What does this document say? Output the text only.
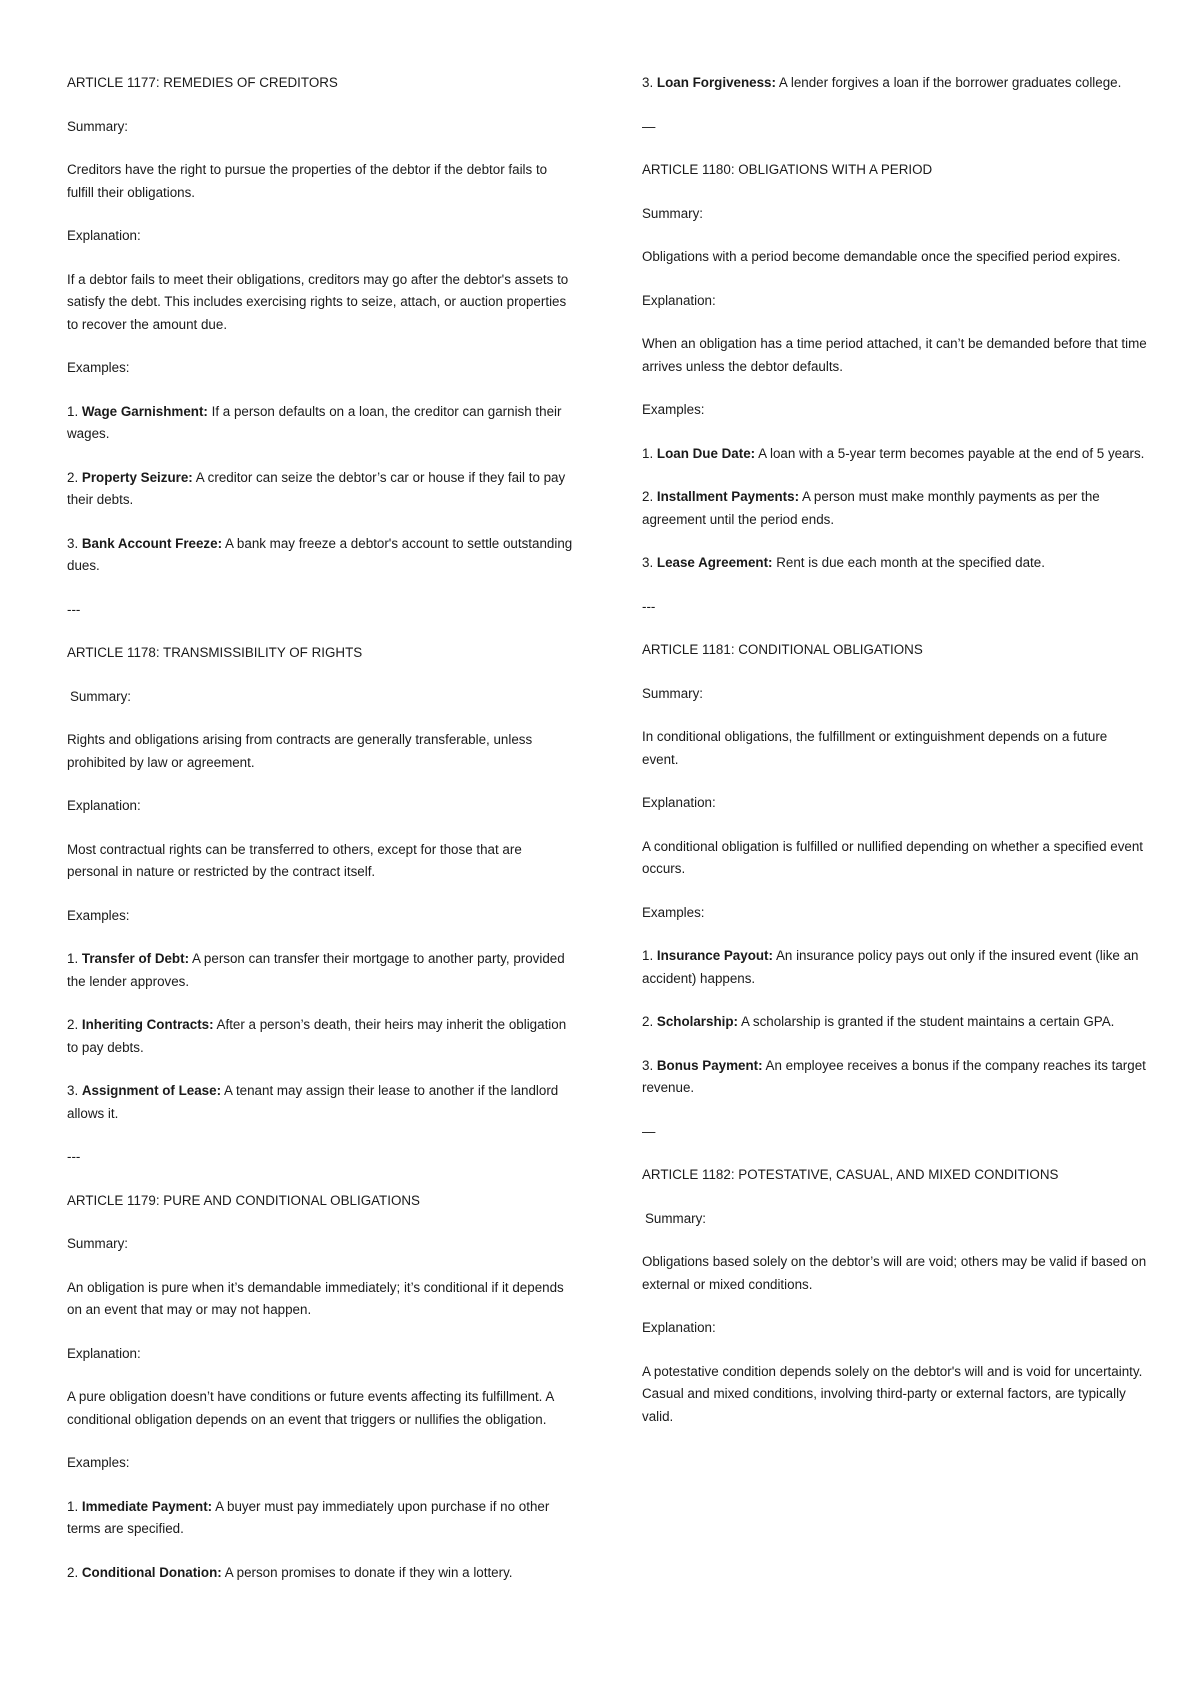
ARTICLE 1177: REMEDIES OF CREDITORS

Summary:

Creditors have the right to pursue the properties of the debtor if the debtor fails to fulfill their obligations.

Explanation:

If a debtor fails to meet their obligations, creditors may go after the debtor's assets to satisfy the debt. This includes exercising rights to seize, attach, or auction properties to recover the amount due.

Examples:

1. Wage Garnishment: If a person defaults on a loan, the creditor can garnish their wages.

2. Property Seizure: A creditor can seize the debtor’s car or house if they fail to pay their debts.

3. Bank Account Freeze: A bank may freeze a debtor's account to settle outstanding dues.

---

ARTICLE 1178: TRANSMISSIBILITY OF RIGHTS

Summary:

Rights and obligations arising from contracts are generally transferable, unless prohibited by law or agreement.

Explanation:

Most contractual rights can be transferred to others, except for those that are personal in nature or restricted by the contract itself.

Examples:

1. Transfer of Debt: A person can transfer their mortgage to another party, provided the lender approves.

2. Inheriting Contracts: After a person’s death, their heirs may inherit the obligation to pay debts.

3. Assignment of Lease: A tenant may assign their lease to another if the landlord allows it.

---

ARTICLE 1179: PURE AND CONDITIONAL OBLIGATIONS

Summary:

An obligation is pure when it’s demandable immediately; it’s conditional if it depends on an event that may or may not happen.

Explanation:

A pure obligation doesn’t have conditions or future events affecting its fulfillment. A conditional obligation depends on an event that triggers or nullifies the obligation.

Examples:

1. Immediate Payment: A buyer must pay immediately upon purchase if no other terms are specified.

2. Conditional Donation: A person promises to donate if they win a lottery.

3. Loan Forgiveness: A lender forgives a loan if the borrower graduates college.

—

ARTICLE 1180: OBLIGATIONS WITH A PERIOD

Summary:

Obligations with a period become demandable once the specified period expires.

Explanation:

When an obligation has a time period attached, it can’t be demanded before that time arrives unless the debtor defaults.

Examples:

1. Loan Due Date: A loan with a 5-year term becomes payable at the end of 5 years.

2. Installment Payments: A person must make monthly payments as per the agreement until the period ends.

3. Lease Agreement: Rent is due each month at the specified date.

---

ARTICLE 1181: CONDITIONAL OBLIGATIONS

Summary:

In conditional obligations, the fulfillment or extinguishment depends on a future event.

Explanation:

A conditional obligation is fulfilled or nullified depending on whether a specified event occurs.

Examples:

1. Insurance Payout: An insurance policy pays out only if the insured event (like an accident) happens.

2. Scholarship: A scholarship is granted if the student maintains a certain GPA.

3. Bonus Payment: An employee receives a bonus if the company reaches its target revenue.

—

ARTICLE 1182: POTESTATIVE, CASUAL, AND MIXED CONDITIONS

Summary:

Obligations based solely on the debtor’s will are void; others may be valid if based on external or mixed conditions.

Explanation:

A potestative condition depends solely on the debtor's will and is void for uncertainty. Casual and mixed conditions, involving third-party or external factors, are typically valid.
